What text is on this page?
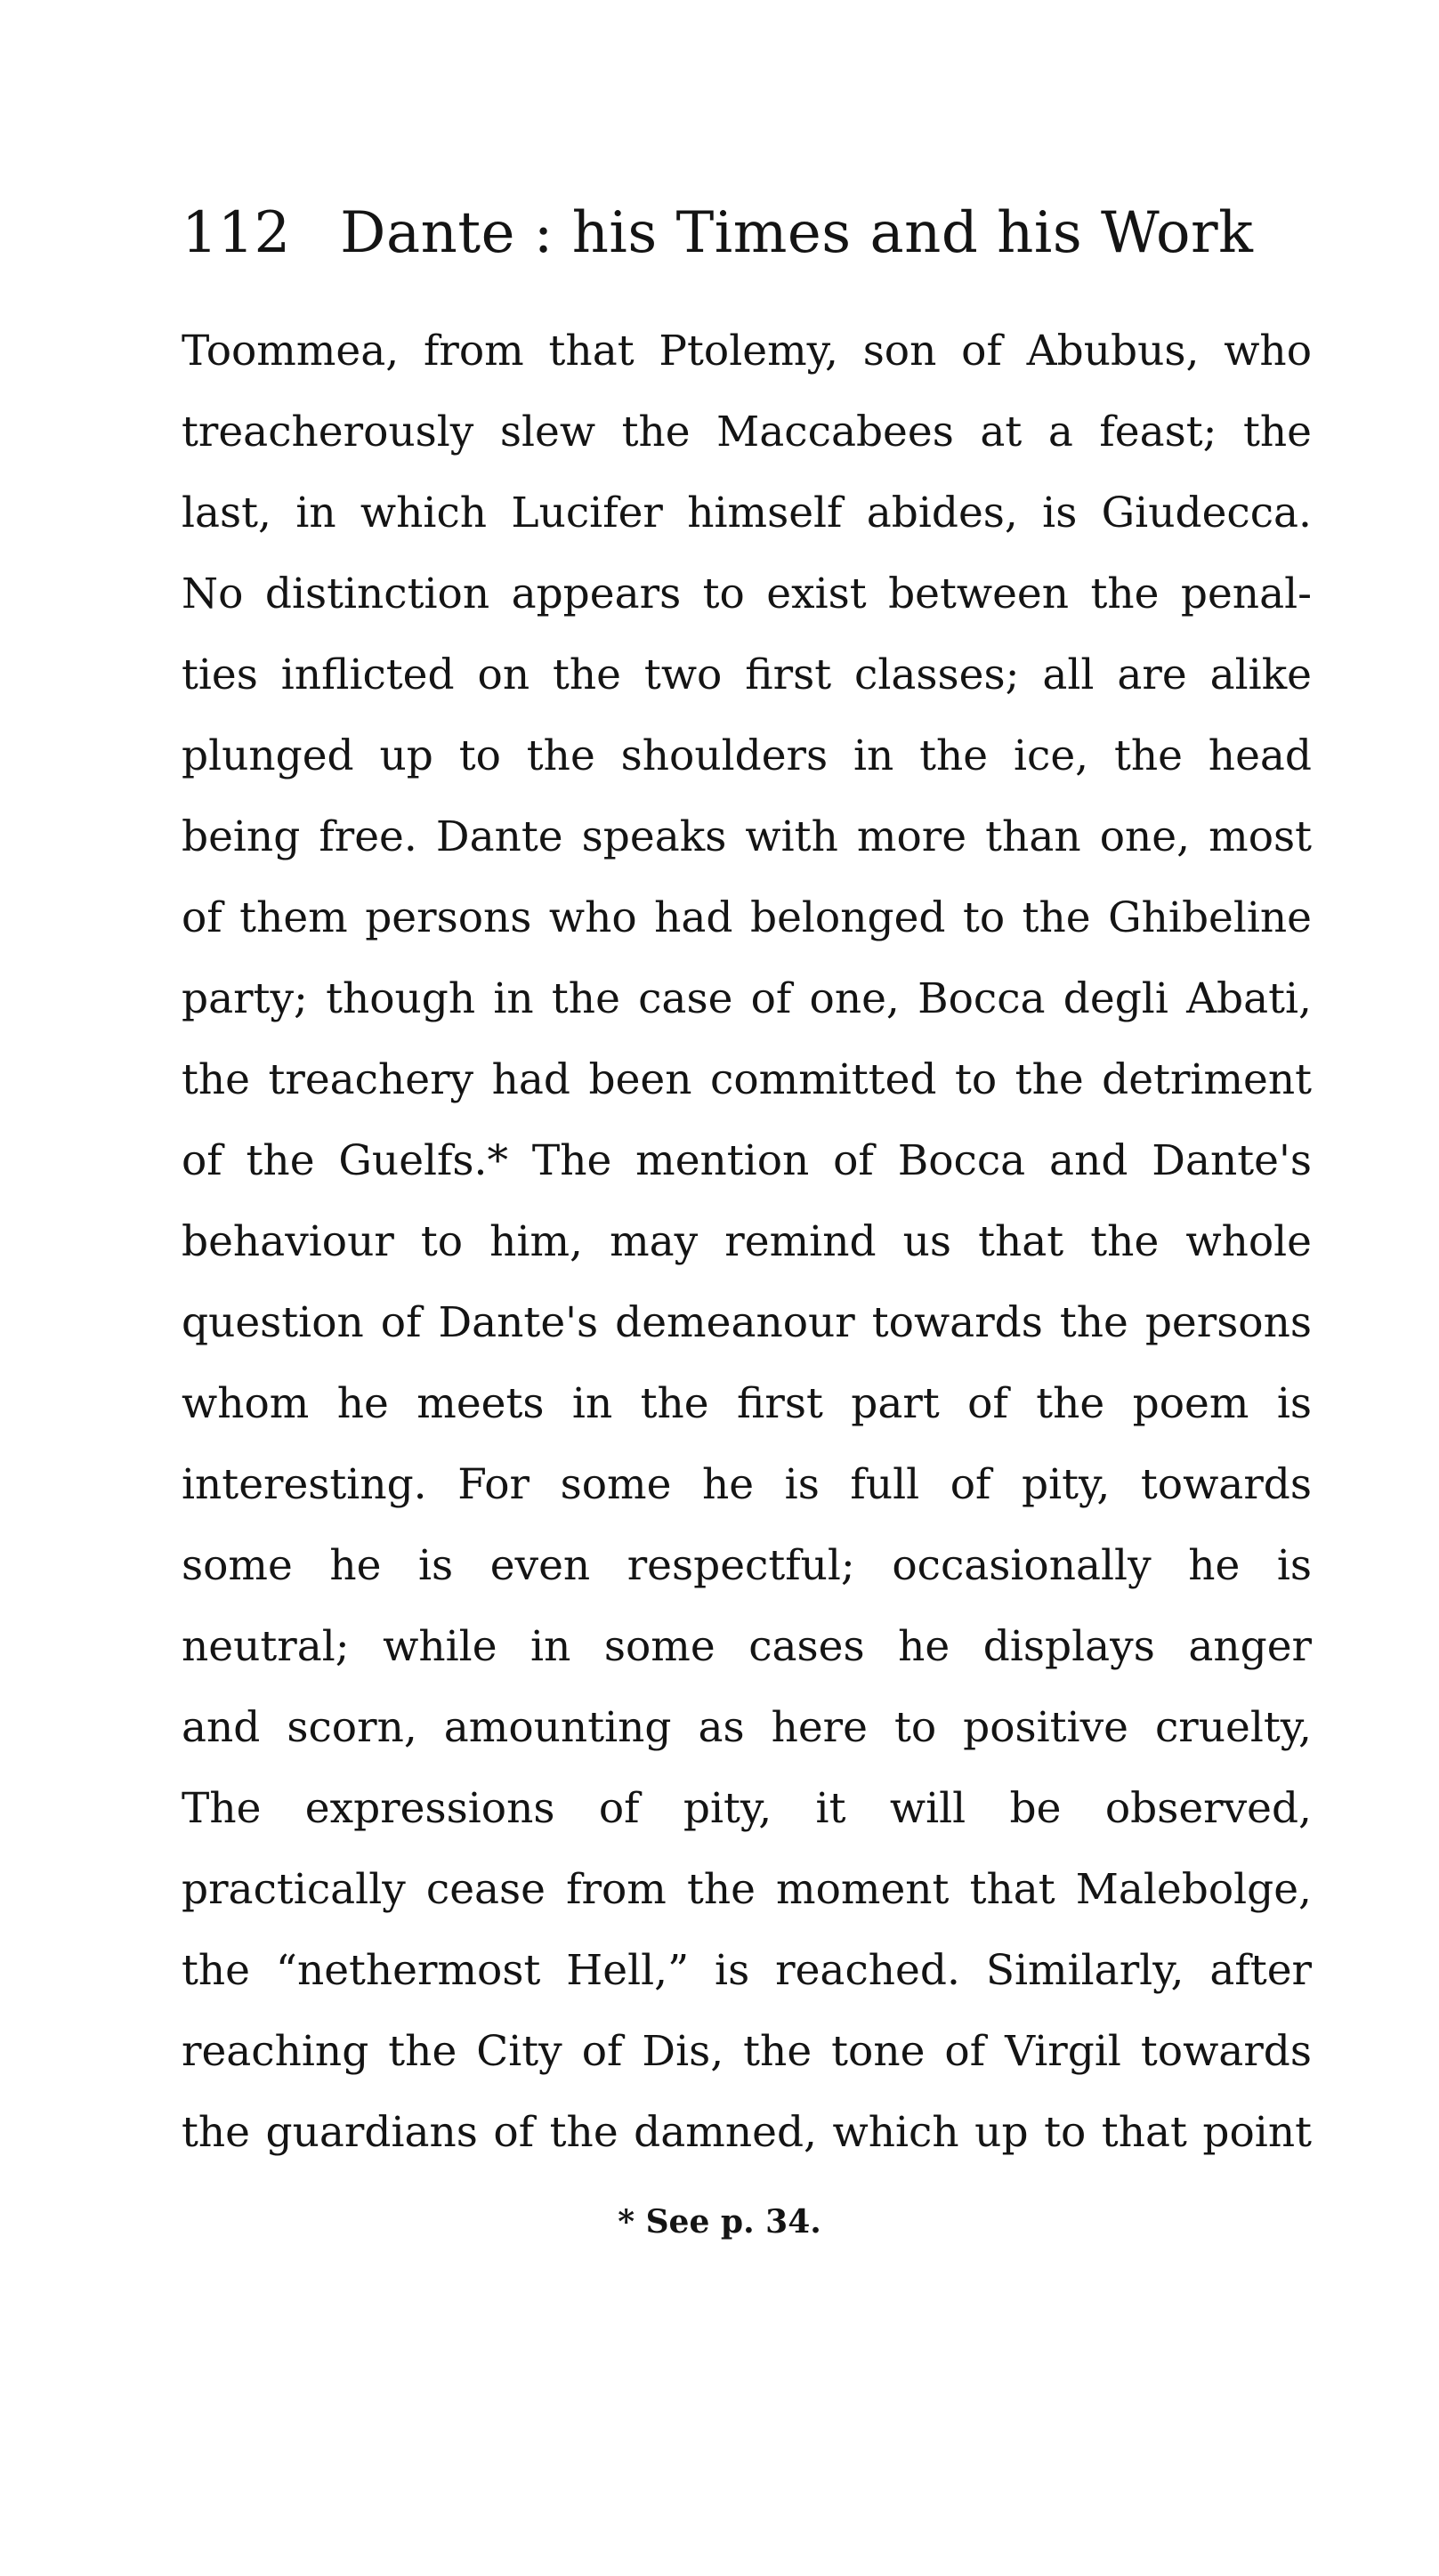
112 Dante : his Times and his Work
Toommea, from that Ptolemy, son of Abubus, who
treacherously slew the Maccabees at a feast; the
last, in which Lucifer himself abides, is Giudecca.
No distinction appears to exist between the penal-
ties inflicted on the two first classes; all are alike
plunged up to the shoulders in the ice, the head
being free. Dante speaks with more than one, most
of them persons who had belonged to the Ghibeline
party; though in the case of one, Bocca degli Abati,
the treachery had been committed to the detriment
of the Guelfs.* The mention of Bocca and Dante's
behaviour to him, may remind us that the whole
question of Dante's demeanour towards the persons
whom he meets in the first part of the poem is
interesting. For some he is full of pity, towards
some he is even respectful; occasionally he is
neutral; while in some cases he displays anger
and scorn, amounting as here to positive cruelty,
The expressions of pity, it will be observed,
practically cease from the moment that Malebolge,
the “nethermost Hell,” is reached. Similarly, after
reaching the City of Dis, the tone of Virgil towards
the guardians of the damned, which up to that point
* See p. 34.
